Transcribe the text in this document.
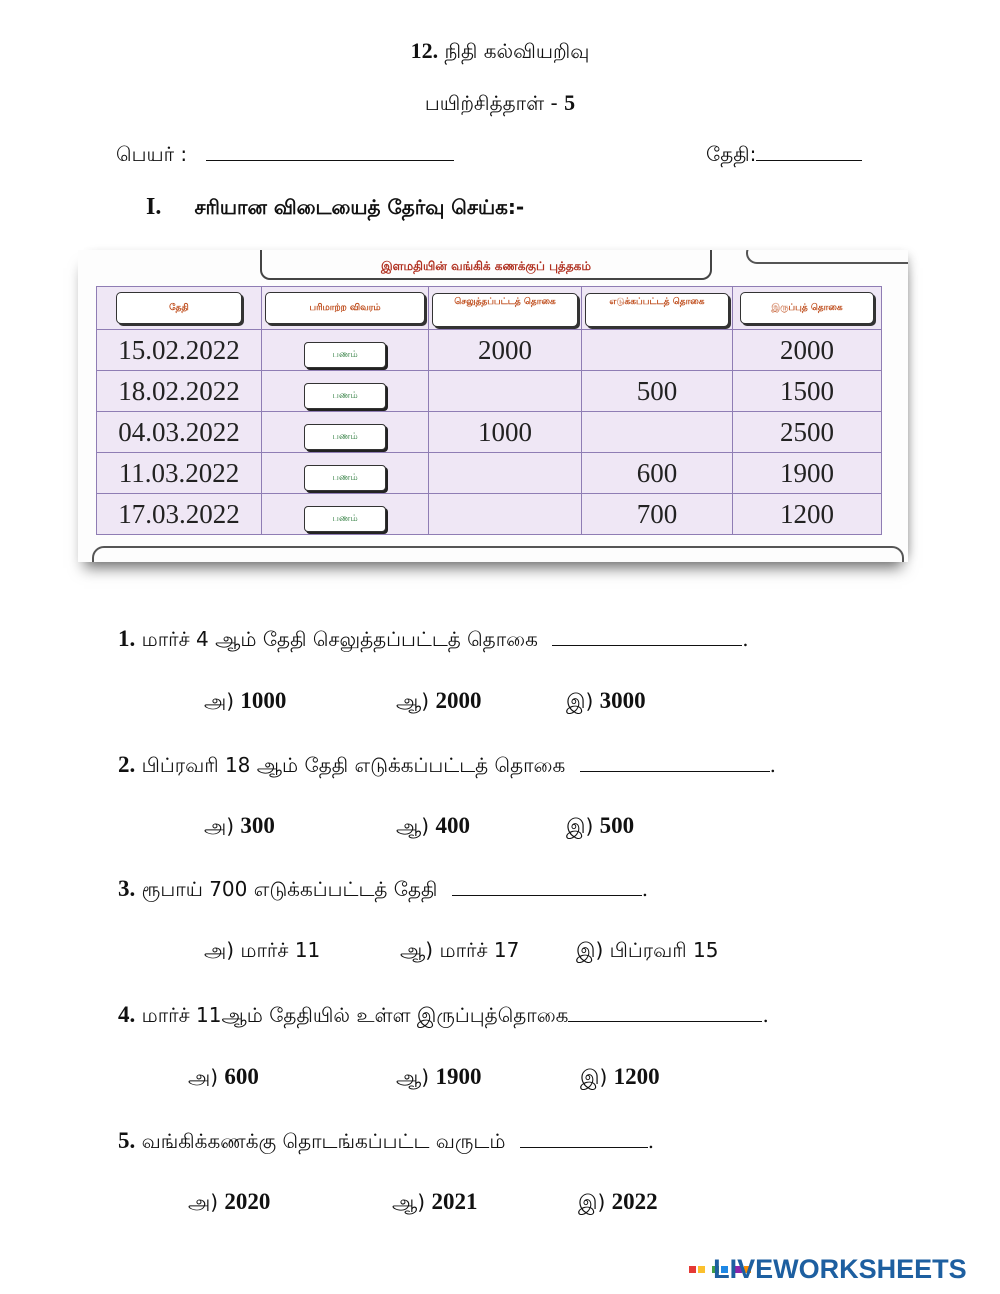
12. நிதி கல்வியறிவு
பயிற்சித்தாள் - 5
பெயர் :	தேதி:
I. சரியான விடையைத் தேர்வு செய்க:-
இளமதியின் வங்கிக் கணக்குப் புத்தகம்
தேதி	பரிமாற்ற விவரம்	செலுத்தப்பட்டத் தொகை	எடுக்கப்பட்டத் தொகை	இருப்புத் தொகை
15.02.2022	பணம்	2000		2000
18.02.2022	பணம்		500	1500
04.03.2022	பணம்	1000		2500
11.03.2022	பணம்		600	1900
17.03.2022	பணம்		700	1200
1. மார்ச் 4 ஆம் தேதி செலுத்தப்பட்டத் தொகை	.
அ) 1000	ஆ) 2000	இ) 3000
2. பிப்ரவரி 18 ஆம் தேதி எடுக்கப்பட்டத் தொகை	.
அ) 300	ஆ) 400	இ) 500
3. ரூபாய் 700 எடுக்கப்பட்டத் தேதி	.
அ) மார்ச் 11	ஆ) மார்ச் 17	இ) பிப்ரவரி 15
4. மார்ச் 11ஆம் தேதியில் உள்ள இருப்புத்தொகை	.
அ) 600	ஆ) 1900	இ) 1200
5. வங்கிக்கணக்கு தொடங்கப்பட்ட வருடம்	.
அ) 2020	ஆ) 2021	இ) 2022
LIVEWORKSHEETS
